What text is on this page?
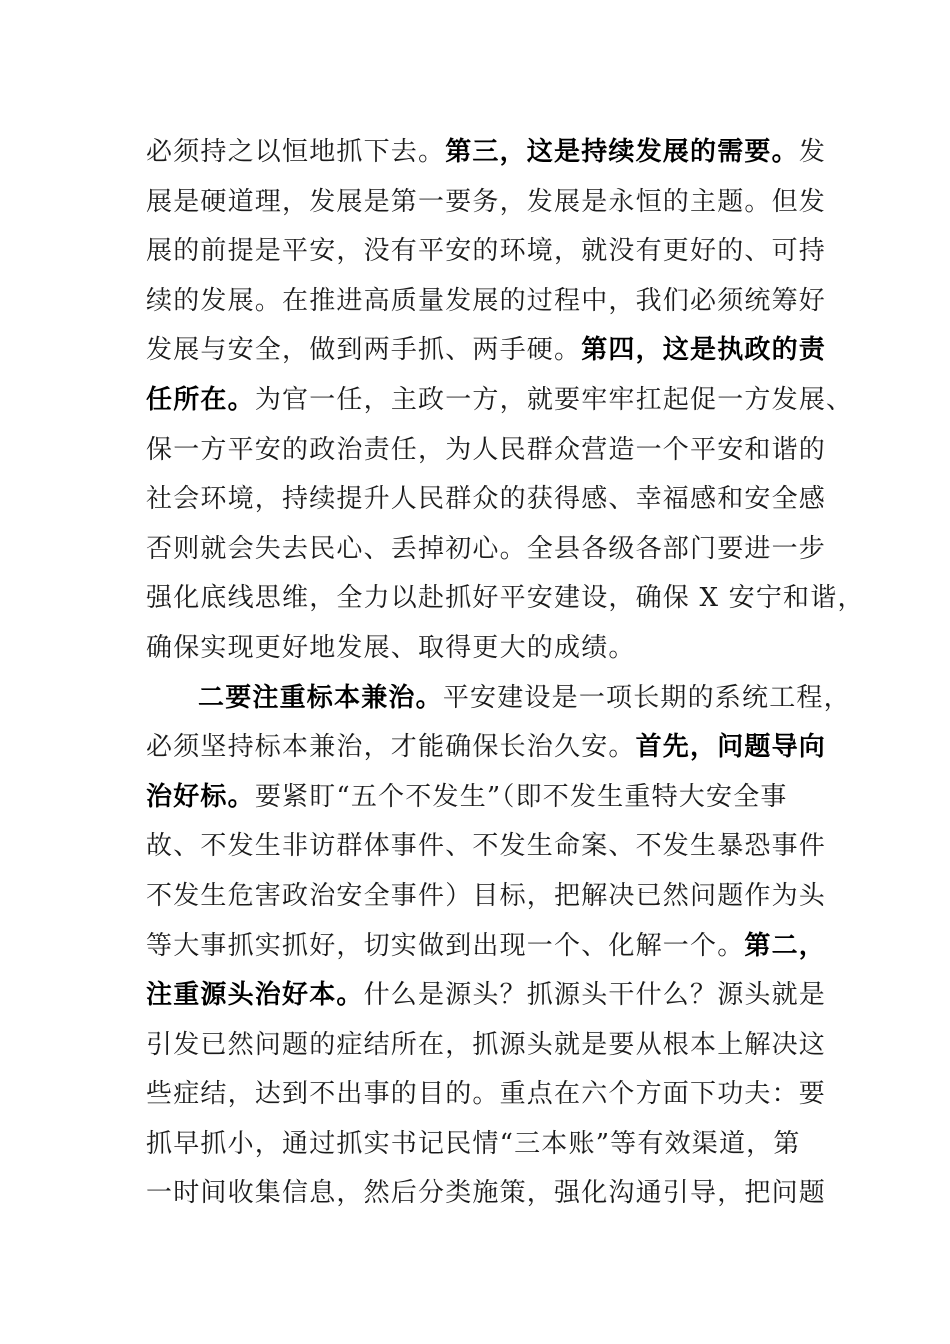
必须持之以恒地抓下去。第三，这是持续发展的需要。发
展是硬道理，发展是第一要务，发展是永恒的主题。但发
展的前提是平安，没有平安的环境，就没有更好的、可持
续的发展。在推进高质量发展的过程中，我们必须统筹好
发展与安全，做到两手抓、两手硬。第四，这是执政的责
任所在。为官一任，主政一方，就要牢牢扛起促一方发展、
保一方平安的政治责任，为人民群众营造一个平安和谐的
社会环境，持续提升人民群众的获得感、幸福感和安全感
否则就会失去民心、丢掉初心。全县各级各部门要进一步
强化底线思维，全力以赴抓好平安建设，确保 X 安宁和谐，
确保实现更好地发展、取得更大的成绩。
二要注重标本兼治。平安建设是一项长期的系统工程，
必须坚持标本兼治，才能确保长治久安。首先，问题导向
治好标。要紧盯“五个不发生”（即不发生重特大安全事
故、不发生非访群体事件、不发生命案、不发生暴恐事件
不发生危害政治安全事件）目标，把解决已然问题作为头
等大事抓实抓好，切实做到出现一个、化解一个。第二，
注重源头治好本。什么是源头？抓源头干什么？源头就是
引发已然问题的症结所在，抓源头就是要从根本上解决这
些症结，达到不出事的目的。重点在六个方面下功夫：要
抓早抓小，通过抓实书记民情“三本账”等有效渠道，第
一时间收集信息，然后分类施策，强化沟通引导，把问题
